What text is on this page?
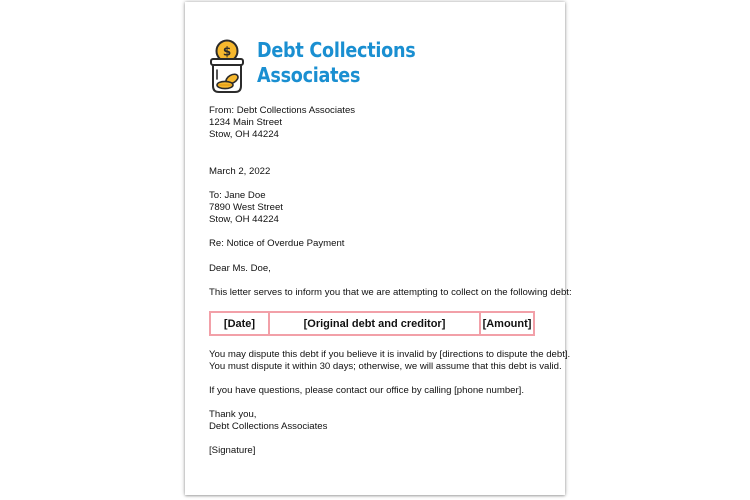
$ Debt Collections
Associates
From: Debt Collections Associates
1234 Main Street
Stow, OH 44224
March 2, 2022
To: Jane Doe
7890 West Street
Stow, OH 44224
Re: Notice of Overdue Payment
Dear Ms. Doe,
This letter serves to inform you that we are attempting to collect on the following debt:
[Date]	[Original debt and creditor]	[Amount]
You may dispute this debt if you believe it is invalid by [directions to dispute the debt].
You must dispute it within 30 days; otherwise, we will assume that this debt is valid.
If you have questions, please contact our office by calling [phone number].
Thank you,
Debt Collections Associates
[Signature]
